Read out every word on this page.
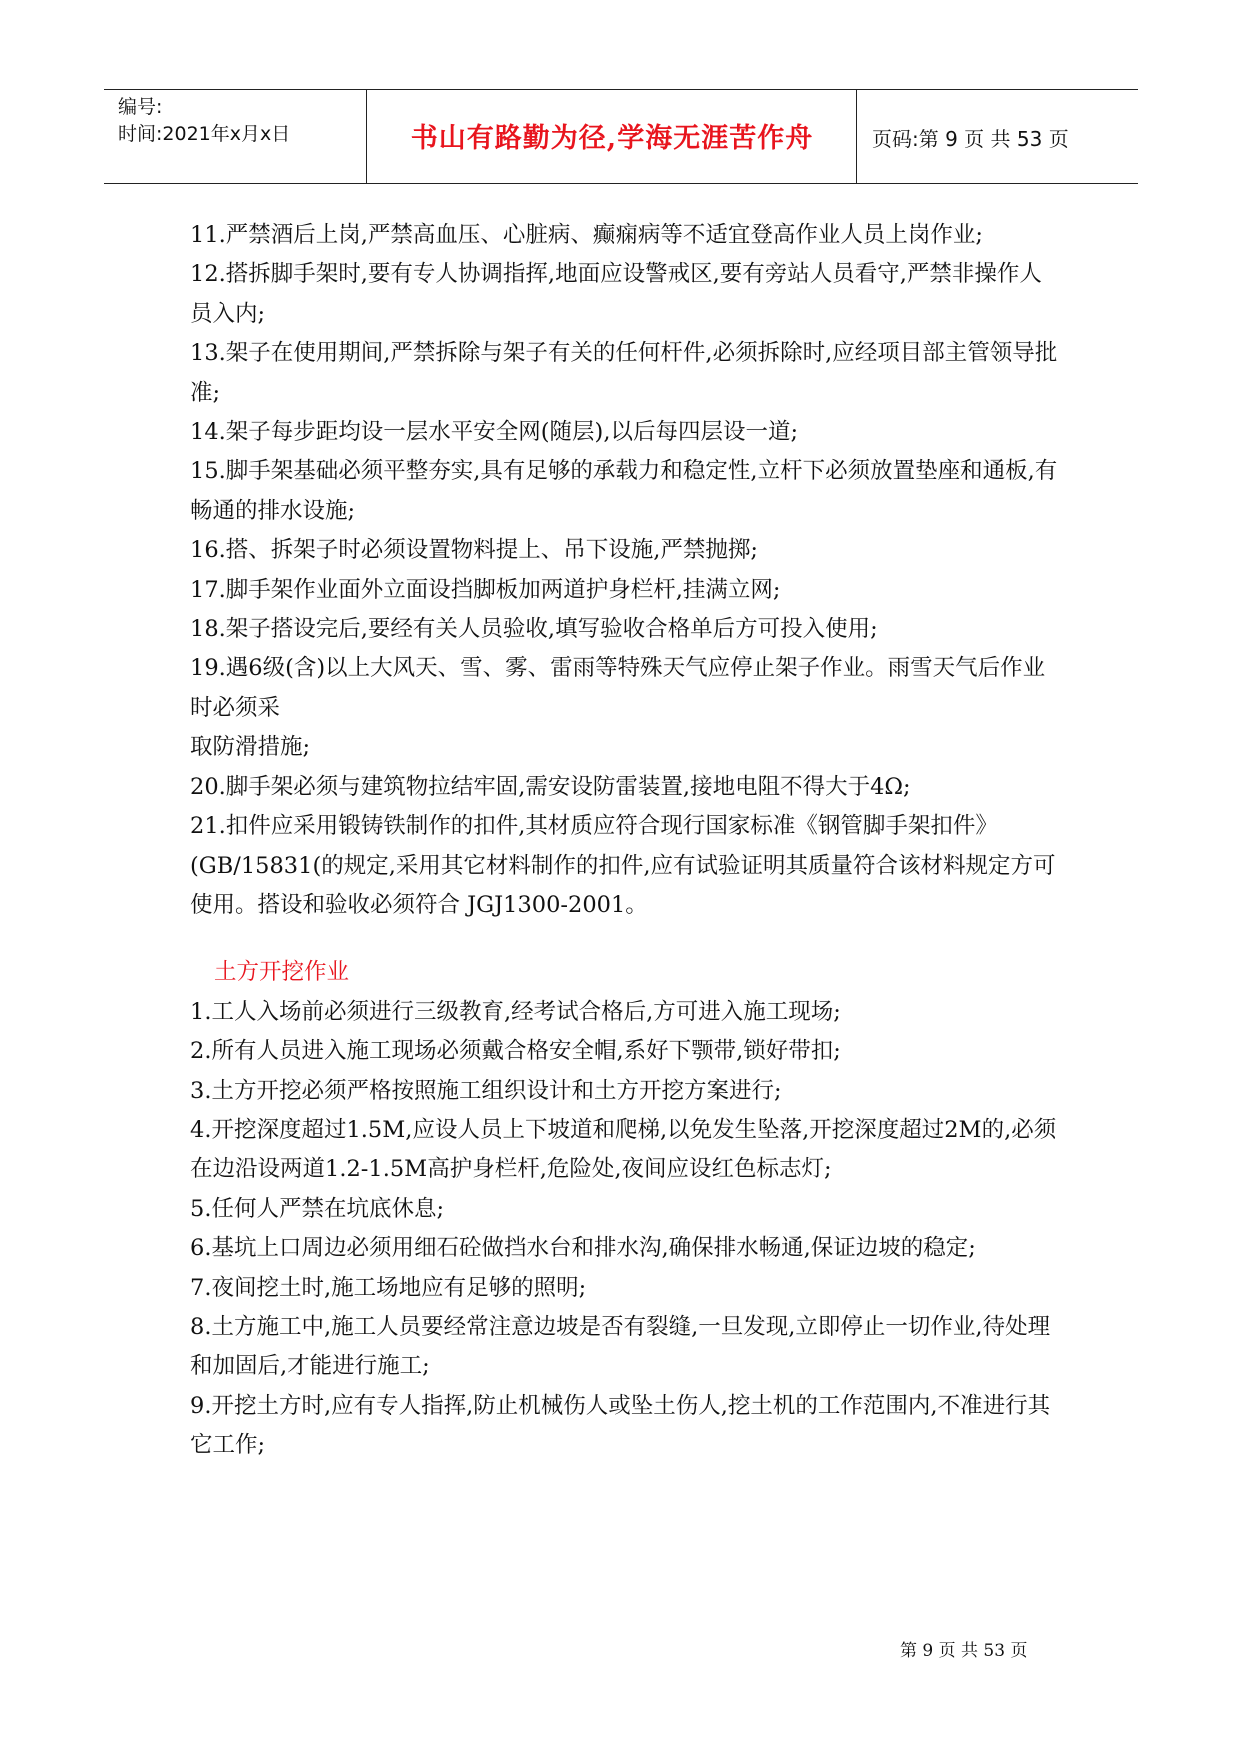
编号:
时间:2021年x月x日	书山有路勤为径,学海无涯苦作舟	页码:第 9 页 共 53 页

11.严禁酒后上岗,严禁高血压、心脏病、癫痫病等不适宜登高作业人员上岗作业;

12.搭拆脚手架时,要有专人协调指挥,地面应设警戒区,要有旁站人员看守,严禁非操作人员入内;

13.架子在使用期间,严禁拆除与架子有关的任何杆件,必须拆除时,应经项目部主管领导批准;

14.架子每步距均设一层水平安全网(随层),以后每四层设一道;

15.脚手架基础必须平整夯实,具有足够的承载力和稳定性,立杆下必须放置垫座和通板,有畅通的排水设施;

16.搭、拆架子时必须设置物料提上、吊下设施,严禁抛掷;

17.脚手架作业面外立面设挡脚板加两道护身栏杆,挂满立网;

18.架子搭设完后,要经有关人员验收,填写验收合格单后方可投入使用;

19.遇6级(含)以上大风天、雪、雾、雷雨等特殊天气应停止架子作业。雨雪天气后作业时必须采

取防滑措施;

20.脚手架必须与建筑物拉结牢固,需安设防雷装置,接地电阻不得大于4Ω;

21.扣件应采用锻铸铁制作的扣件,其材质应符合现行国家标准《钢管脚手架扣件》(GB/15831(的规定,采用其它材料制作的扣件,应有试验证明其质量符合该材料规定方可使用。搭设和验收必须符合 JGJ1300-2001。

土方开挖作业

1.工人入场前必须进行三级教育,经考试合格后,方可进入施工现场;

2.所有人员进入施工现场必须戴合格安全帽,系好下颚带,锁好带扣;

3.土方开挖必须严格按照施工组织设计和土方开挖方案进行;

4.开挖深度超过1.5M,应设人员上下坡道和爬梯,以免发生坠落,开挖深度超过2M的,必须在边沿设两道1.2-1.5M高护身栏杆,危险处,夜间应设红色标志灯;

5.任何人严禁在坑底休息;

6.基坑上口周边必须用细石砼做挡水台和排水沟,确保排水畅通,保证边坡的稳定;

7.夜间挖土时,施工场地应有足够的照明;

8.土方施工中,施工人员要经常注意边坡是否有裂缝,一旦发现,立即停止一切作业,待处理和加固后,才能进行施工;

9.开挖土方时,应有专人指挥,防止机械伤人或坠土伤人,挖土机的工作范围内,不准进行其它工作;

第 9 页 共 53 页
